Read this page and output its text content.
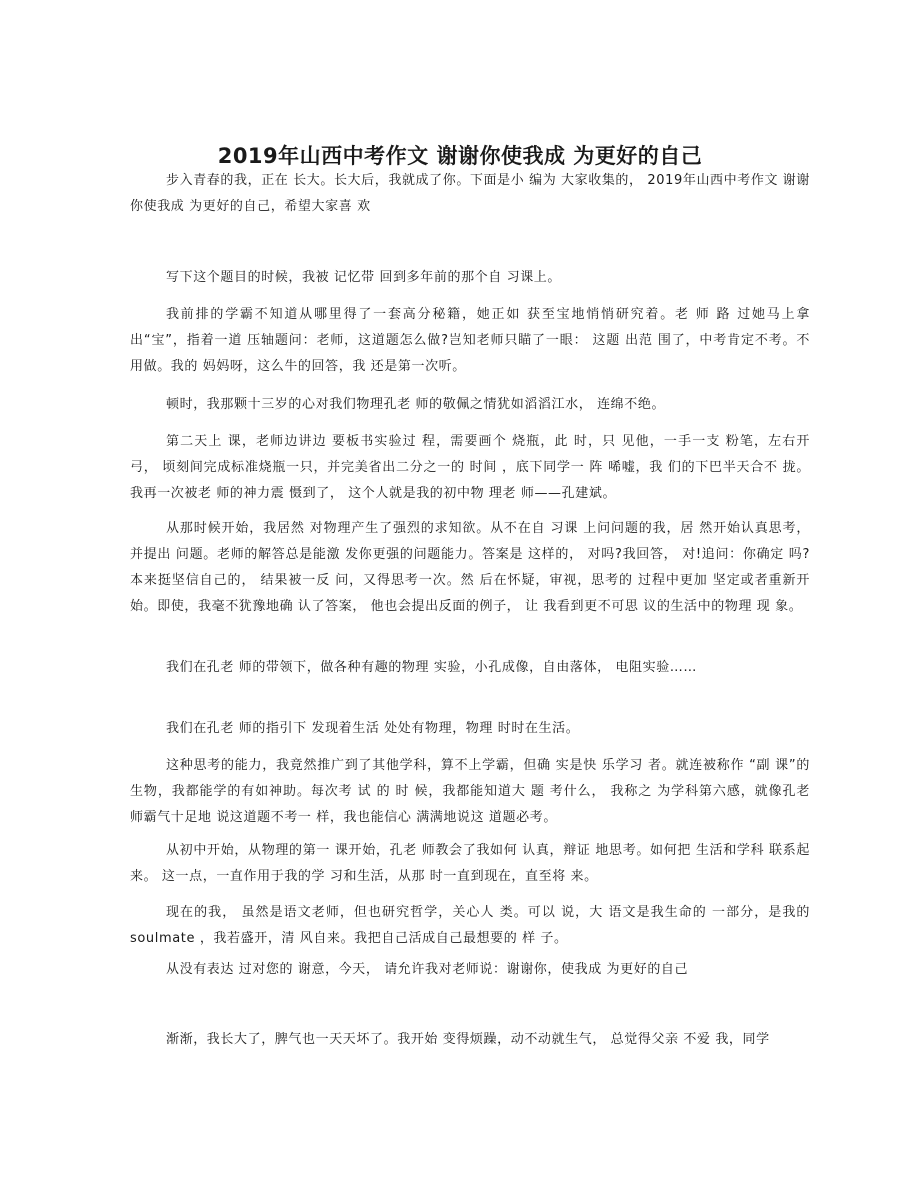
2019年山西中考作文 谢谢你使我成 为更好的自己
步入青春的我，正在 长大。长大后，我就成了你。下面是小 编为 大家收集的， 2019年山西中考作文 谢谢 你使我成 为更好的自己，希望大家喜 欢
写下这个题目的时候，我被 记忆带 回到多年前的那个自 习课上。
我前排的学霸不知道从哪里得了一套高分秘籍，她正如 获至宝地悄悄研究着。老 师 路 过她马上拿出“宝”，指着一道 压轴题问：老师，这道题怎么做?岂知老师只瞄了一眼： 这题 出范 围了，中考肯定不考。不用做。我的 妈妈呀，这么牛的回答，我 还是第一次听。
顿时，我那颗十三岁的心对我们物理孔老 师的敬佩之情犹如滔滔江水， 连绵不绝。
第二天上 课，老师边讲边 要板书实验过 程，需要画个 烧瓶，此 时，只 见他，一手一支 粉笔，左右开弓， 顷刻间完成标准烧瓶一只，并完美省出二分之一的 时间 ，底下同学一 阵 唏嘘，我 们的下巴半天合不 拢。我再一次被老 师的神力震 慑到了， 这个人就是我的初中物 理老 师——孔建斌。
从那时候开始，我居然 对物理产生了强烈的求知欲。从不在自 习课 上问问题的我，居 然开始认真思考，并提出 问题。老师的解答总是能激 发你更强的问题能力。答案是 这样的， 对吗?我回答， 对!追问：你确定 吗?本来挺坚信自己的， 结果被一反 问，又得思考一次。然 后在怀疑，审视，思考的 过程中更加 坚定或者重新开始。即使，我毫不犹豫地确 认了答案， 他也会提出反面的例子， 让 我看到更不可思 议的生活中的物理 现 象。
我们在孔老 师的带领下，做各种有趣的物理 实验，小孔成像，自由落体， 电阻实验……
我们在孔老 师的指引下 发现着生活 处处有物理，物理 时时在生活。
这种思考的能力，我竟然推广到了其他学科，算不上学霸，但确 实是快 乐学习 者。就连被称作 “副 课”的生物，我都能学的有如神助。每次考 试 的 时 候，我都能知道大 题 考什么， 我称之 为学科第六感，就像孔老 师霸气十足地 说这道题不考一 样，我也能信心 满满地说这 道题必考。
从初中开始，从物理的第一 课开始，孔老 师教会了我如何 认真，辩证 地思考。如何把 生活和学科 联系起来。 这一点，一直作用于我的学 习和生活，从那 时一直到现在，直至将 来。
现在的我， 虽然是语文老师，但也研究哲学，关心人 类。可以 说，大 语文是我生命的 一部分，是我的 soulmate ，我若盛开，清 风自来。我把自己活成自己最想要的 样 子。
从没有表达 过对您的 谢意，今天， 请允许我对老师说：谢谢你，使我成 为更好的自己
渐渐，我长大了，脾气也一天天坏了。我开始 变得烦躁，动不动就生气， 总觉得父亲 不爱 我，同学
